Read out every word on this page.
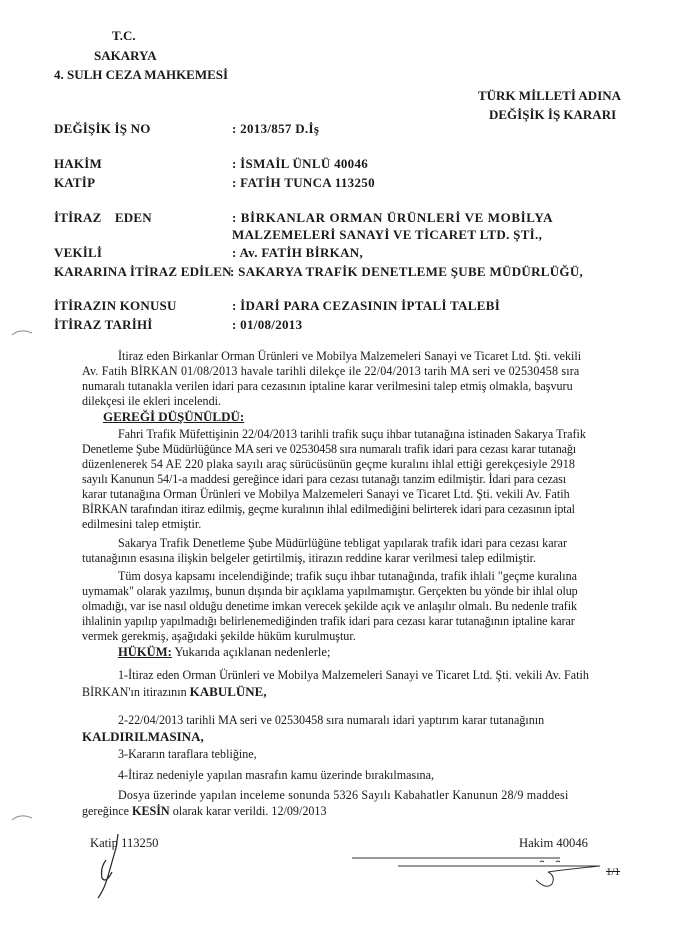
T.C.
SAKARYA
4. SULH CEZA MAHKEMESİ
TÜRK MİLLETİ ADINA
DEĞİŞİK İŞ KARARI
DEĞİŞİK İŞ NO	: 2013/857 D.İş
HAKİM	: İSMAİL ÜNLÜ 40046
KATİP	: FATİH TUNCA 113250
İTİRAZ EDEN	: BİRKANLAR ORMAN ÜRÜNLERİ VE MOBİLYA
MALZEMELERİ SANAYİ VE TİCARET LTD. ŞTİ.,
VEKİLİ	: Av. FATİH BİRKAN,
KARARINA İTİRAZ EDİLEN
: SAKARYA TRAFİK DENETLEME ŞUBE MÜDÜRLÜĞÜ,
İTİRAZIN KONUSU	: İDARİ PARA CEZASININ İPTALİ TALEBİ
İTİRAZ TARİHİ	: 01/08/2013
İtiraz eden Birkanlar Orman Ürünleri ve Mobilya Malzemeleri Sanayi ve Ticaret Ltd. Şti. vekili
Av. Fatih BİRKAN 01/08/2013 havale tarihli dilekçe ile 22/04/2013 tarih MA seri ve 02530458 sıra
numaralı tutanakla verilen idari para cezasının iptaline karar verilmesini talep etmiş olmakla, başvuru
dilekçesi ile ekleri incelendi.
GEREĞİ DÜŞÜNÜLDÜ:
Fahri Trafik Müfettişinin 22/04/2013 tarihli trafik suçu ihbar tutanağına istinaden Sakarya Trafik
Denetleme Şube Müdürlüğünce MA seri ve 02530458 sıra numaralı trafik idari para cezası karar tutanağı
düzenlenerek 54 AE 220 plaka sayılı araç sürücüsünün geçme kuralını ihlal ettiği gerekçesiyle 2918
sayılı Kanunun 54/1-a maddesi gereğince idari para cezası tutanağı tanzim edilmiştir. İdari para cezası
karar tutanağına Orman Ürünleri ve Mobilya Malzemeleri Sanayi ve Ticaret Ltd. Şti. vekili Av. Fatih
BİRKAN tarafından itiraz edilmiş, geçme kuralının ihlal edilmediğini belirterek idari para cezasının iptal
edilmesini talep etmiştir.
Sakarya Trafik Denetleme Şube Müdürlüğüne tebligat yapılarak trafik idari para cezası karar
tutanağının esasına ilişkin belgeler getirtilmiş, itirazın reddine karar verilmesi talep edilmiştir.
Tüm dosya kapsamı incelendiğinde; trafik suçu ihbar tutanağında, trafik ihlali "geçme kuralına
uymamak" olarak yazılmış, bunun dışında bir açıklama yapılmamıştır. Gerçekten bu yönde bir ihlal olup
olmadığı, var ise nasıl olduğu denetime imkan verecek şekilde açık ve anlaşılır olmalı. Bu nedenle trafik
ihlalinin yapılıp yapılmadığı belirlenemediğinden trafik idari para cezası karar tutanağının iptaline karar
vermek gerekmiş, aşağıdaki şekilde hüküm kurulmuştur.
HÜKÜM: Yukarıda açıklanan nedenlerle;
1-İtiraz eden Orman Ürünleri ve Mobilya Malzemeleri Sanayi ve Ticaret Ltd. Şti. vekili Av. Fatih
BİRKAN'ın itirazının KABULÜNE,
2-22/04/2013 tarihli MA seri ve 02530458 sıra numaralı idari yaptırım karar tutanağının
KALDIRILMASINA,
3-Kararın taraflara tebliğine,
4-İtiraz nedeniyle yapılan masrafın kamu üzerinde bırakılmasına,
Dosya üzerinde yapılan inceleme sonunda 5326 Sayılı Kabahatler Kanunun 28/9 maddesi
gereğince KESİN olarak karar verildi. 12/09/2013
Katip 113250	Hakim 40046
1/1
